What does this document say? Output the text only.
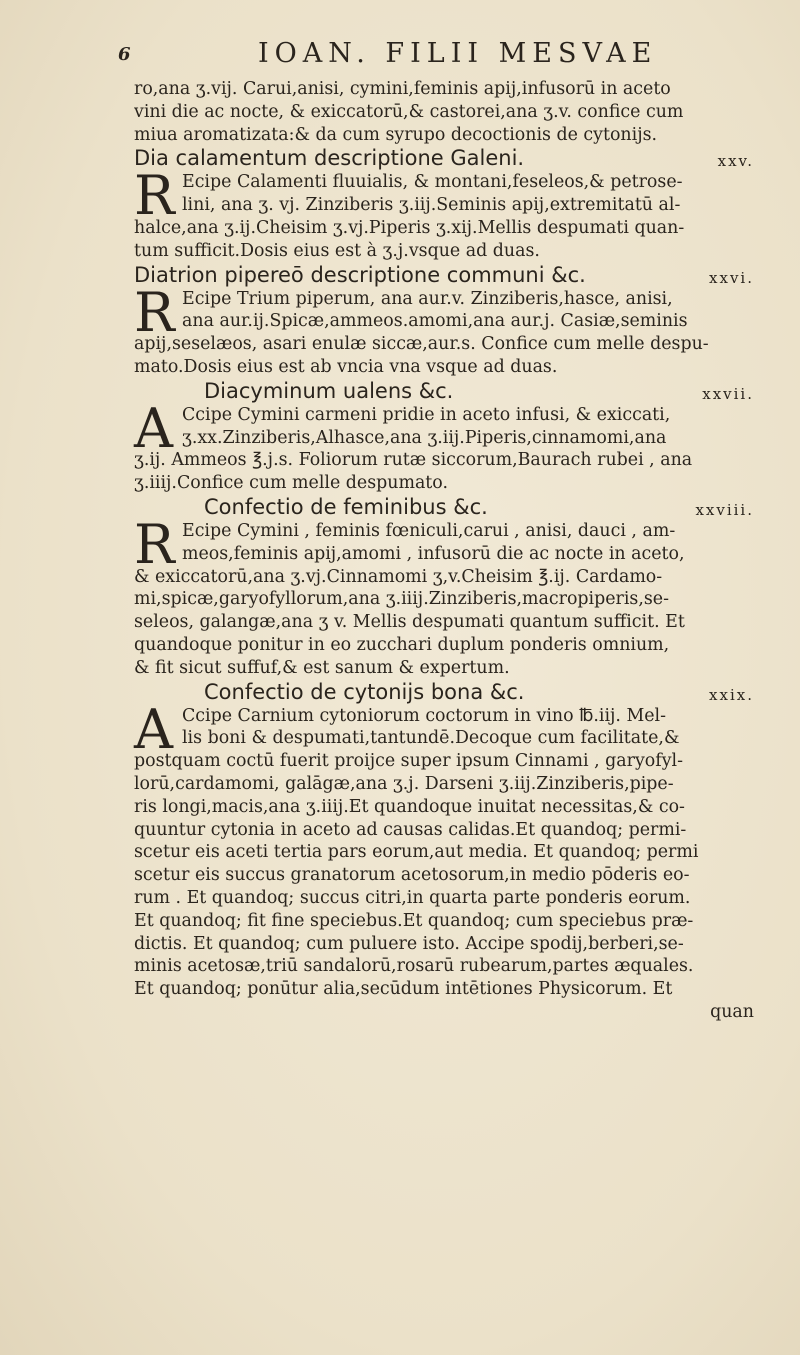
6	IOAN. FILII MESVAE
ro,ana ʒ.vij. Carui,anisi, cymini,feminis apij,infusorū in aceto
vini die ac nocte, & exiccatorū,& castorei,ana ʒ.v. confice cum
miua aromatizata:& da cum syrupo decoctionis de cytonijs.
Dia calamentum descriptione Galeni.	xxv.
R Ecipe Calamenti fluuialis, & montani,feseleos,& petrose-
lini, ana ʒ. vj. Zinziberis ʒ.iij.Seminis apij,extremitatū al-
halce,ana ʒ.ij.Cheisim ʒ.vj.Piperis ʒ.xij.Mellis despumati quan-
tum sufficit.Dosis eius est à ʒ.j.vsque ad duas.
Diatrion pipereō descriptione communi &c.	xxvi.
R Ecipe Trium piperum, ana aur.v. Zinziberis,hasce, anisi,
ana aur.ij.Spicæ,ammeos.amomi,ana aur.j. Casiæ,seminis
apij,seselæos, asari enulæ siccæ,aur.s. Confice cum melle despu-
mato.Dosis eius est ab vncia vna vsque ad duas.
Diacyminum ualens &c.	xxvii.
A Ccipe Cymini carmeni pridie in aceto infusi, & exiccati,
ʒ.xx.Zinziberis,Alhasce,ana ʒ.iij.Piperis,cinnamomi,ana
ʒ.ij. Ammeos ℥.j.s. Foliorum rutæ siccorum,Baurach rubei , ana
ʒ.iiij.Confice cum melle despumato.
Confectio de feminibus &c.	xxviii.
R Ecipe Cymini , feminis fœniculi,carui , anisi, dauci , am-
meos,feminis apij,amomi , infusorū die ac nocte in aceto,
& exiccatorū,ana ʒ.vj.Cinnamomi ʒ,v.Cheisim ℥.ij. Cardamo-
mi,spicæ,garyofyllorum,ana ʒ.iiij.Zinziberis,macropiperis,se-
seleos, galangæ,ana ʒ v. Mellis despumati quantum sufficit. Et
quandoque ponitur in eo zucchari duplum ponderis omnium,
& fit sicut suffuf,& est sanum & expertum.
Confectio de cytonijs bona &c.	xxix.
A Ccipe Carnium cytoniorum coctorum in vino ℔.iij. Mel-
lis boni & despumati,tantundē.Decoque cum facilitate,&
postquam coctū fuerit proijce super ipsum Cinnami , garyofyl-
lorū,cardamomi, galāgæ,ana ʒ.j. Darseni ʒ.iij.Zinziberis,pipe-
ris longi,macis,ana ʒ.iiij.Et quandoque inuitat necessitas,& co-
quuntur cytonia in aceto ad causas calidas.Et quandoq; permi-
scetur eis aceti tertia pars eorum,aut media. Et quandoq; permi
scetur eis succus granatorum acetosorum,in medio pōderis eo-
rum . Et quandoq; succus citri,in quarta parte ponderis eorum.
Et quandoq; fit fine speciebus.Et quandoq; cum speciebus præ-
dictis. Et quandoq; cum puluere isto. Accipe spodij,berberi,se-
minis acetosæ,triū sandalorū,rosarū rubearum,partes æquales.
Et quandoq; ponūtur alia,secūdum intētiones Physicorum. Et
quan
